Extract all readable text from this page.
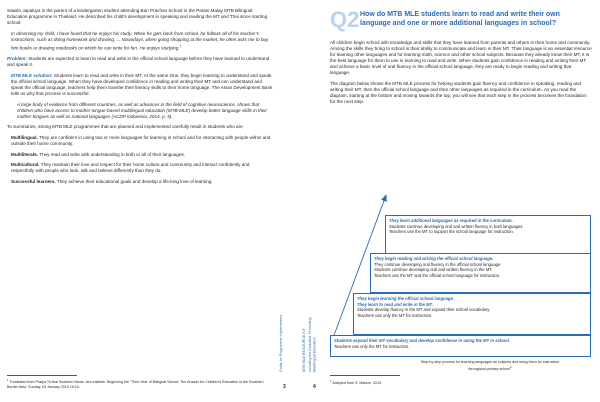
Sawdo Japakiya is the parent of a kindergarten student attending Ban Prachan School in the Patani Malay MTB Bilingual Education programme in Thailand. He described his child’s development in speaking and reading the MT and Thai since starting school:

In observing my child, I have found that he enjoys his study. When he gets back from school, he follows all of his teacher’s instructions, such as doing homework and drawing. ... Nowadays, when going shopping at the market, he often asks me to buy him books or drawing notebooks on which he can write for fun. He enjoys studying.$^1$

Problem: Students are expected to learn to read and write in the official school language before they have learned to understand and speak it.

MTB MLE solution: Students learn to read and write in their MT. At the same time, they begin learning to understand and speak the official school language. When they have developed confidence in reading and writing their MT and can understand and speak the official language, teachers help them transfer their literacy skills to their home language. The Asian Development Bank tells us why that process is successful:

A large body of evidence from different countries, as well as advances in the field of cognitive neuroscience, shows that children who have access to mother tongue-based multilingual education (MTB-MLE) develop better language skills in their mother tongues as well as national languages (ACDP Indonesia, 2014, p. 5).

To summarize, strong MTB MLE programmes that are planned and implemented carefully result in students who are

Multilingual. They are confident in using two or more languages for learning in school and for interacting with people within and outside their home community.

Multiliterate. They read and write with understanding in both or all of their languages.

Multicultural. They maintain their love and respect for their home culture and community and interact confidently and respectfully with people who look, talk and believe differently than they do.

Successful learners. They achieve their educational goals and develop a life-long love of learning.

$^1$ Translated from Pratya Tri-tirai Southern News, Isra Institute. Beginning the “Third Year of Bilingual School: The Answer for Children’s Education in the Southern Border Area. Sunday, 03 January 2010 19:10.
Guide for Programme Implementers
3
MTB MLE RESOURCE KIT Including the Excluded: Promoting Multilingual Education
4
Q2 How do MTB MLE students learn to read and write their own language and one or more additional languages in school?

All children begin school with knowledge and skills that they have learned from parents and others in their home and community. Among the skills they bring to school is their ability to communicate and learn in their MT. Their language is an essential resource for learning other languages and for learning math, science and other school subjects. Because they already know their MT, it is the best language for them to use in learning to read and write. When students gain confidence in reading and writing their MT and achieve a basic level of oral fluency in the official school language, they are ready to begin reading and writing that language.

The diagram below shows the MTB MLE process for helping students gain fluency and confidence in speaking, reading and writing their MT, then the official school language and then other languages as required in the curriculum. As you read the diagram, starting at the bottom and moving towards the top, you will see that each step in the process becomes the foundation for the next step.

They learn additional languages as required in the curriculum.
Students continue developing oral and written fluency in both languages.
Teachers use the MT to support the school language for instruction.
They begin reading and writing the official school language.
They continue developing oral fluency in the official school language.
Students continue developing oral and written fluency in the MT.
Teachers use the MT and the official school language for instruction.
They begin learning the official school language.
They learn to read and write in the MT.
Students develop fluency in the MT and expand their school vocabulary.
Teachers use only the MT for instruction.
Students expand their MT vocabulary and develop confidence in using the MT in school.
Teachers use only the MT for instruction.
Step-by-step process for teaching languages as subjects and using them for instruction throughout primary school$^2$
$^2$ Adapted from S. Malone, 2010.
